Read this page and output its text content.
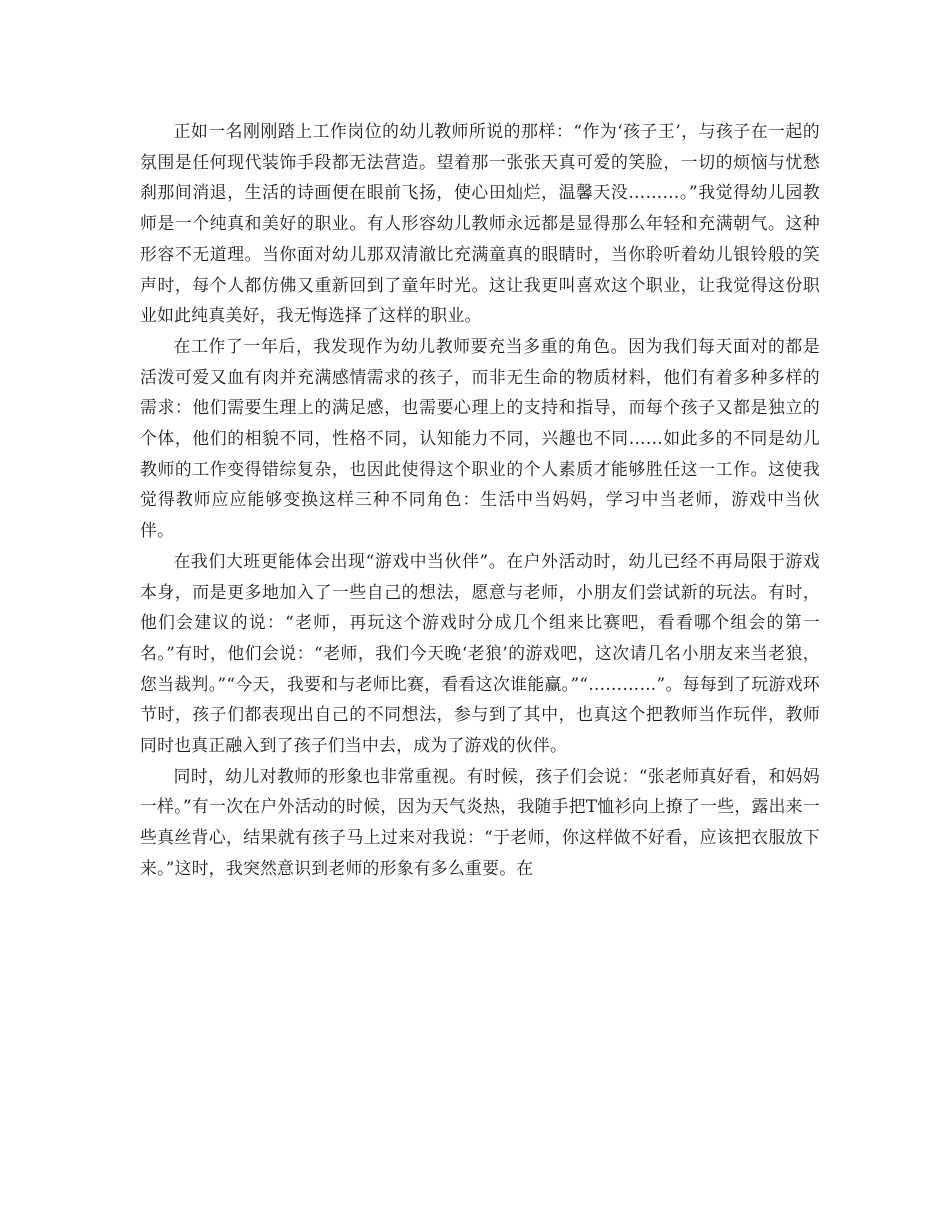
正如一名刚刚踏上工作岗位的幼儿教师所说的那样：“作为‘孩子王’，与孩子在一起的氛围是任何现代装饰手段都无法营造。望着那一张张天真可爱的笑脸，一切的烦恼与忧愁刹那间消退，生活的诗画便在眼前飞扬，使心田灿烂，温馨天没………。”我觉得幼儿园教师是一个纯真和美好的职业。有人形容幼儿教师永远都是显得那么年轻和充满朝气。这种形容不无道理。当你面对幼儿那双清澈比充满童真的眼睛时，当你聆听着幼儿银铃般的笑声时，每个人都仿佛又重新回到了童年时光。这让我更叫喜欢这个职业，让我觉得这份职业如此纯真美好，我无悔选择了这样的职业。

在工作了一年后，我发现作为幼儿教师要充当多重的角色。因为我们每天面对的都是活泼可爱又血有肉并充满感情需求的孩子，而非无生命的物质材料，他们有着多种多样的需求：他们需要生理上的满足感，也需要心理上的支持和指导，而每个孩子又都是独立的个体，他们的相貌不同，性格不同，认知能力不同，兴趣也不同……如此多的不同是幼儿教师的工作变得错综复杂，也因此使得这个职业的个人素质才能够胜任这一工作。这使我觉得教师应应能够变换这样三种不同角色：生活中当妈妈，学习中当老师，游戏中当伙伴。

在我们大班更能体会出现“游戏中当伙伴”。在户外活动时，幼儿已经不再局限于游戏本身，而是更多地加入了一些自己的想法，愿意与老师，小朋友们尝试新的玩法。有时，他们会建议的说：“老师，再玩这个游戏时分成几个组来比赛吧，看看哪个组会的第一名。”有时，他们会说：“老师，我们今天晚‘老狼’的游戏吧，这次请几名小朋友来当老狼，您当裁判。”“今天，我要和与老师比赛，看看这次谁能赢。”“…………”。每每到了玩游戏环节时，孩子们都表现出自己的不同想法，参与到了其中，也真这个把教师当作玩伴，教师同时也真正融入到了孩子们当中去，成为了游戏的伙伴。

同时，幼儿对教师的形象也非常重视。有时候，孩子们会说：“张老师真好看，和妈妈一样。”有一次在户外活动的时候，因为天气炎热，我随手把T恤衫向上撩了一些，露出来一些真丝背心，结果就有孩子马上过来对我说：“于老师，你这样做不好看，应该把衣服放下来。”这时，我突然意识到老师的形象有多么重要。在
